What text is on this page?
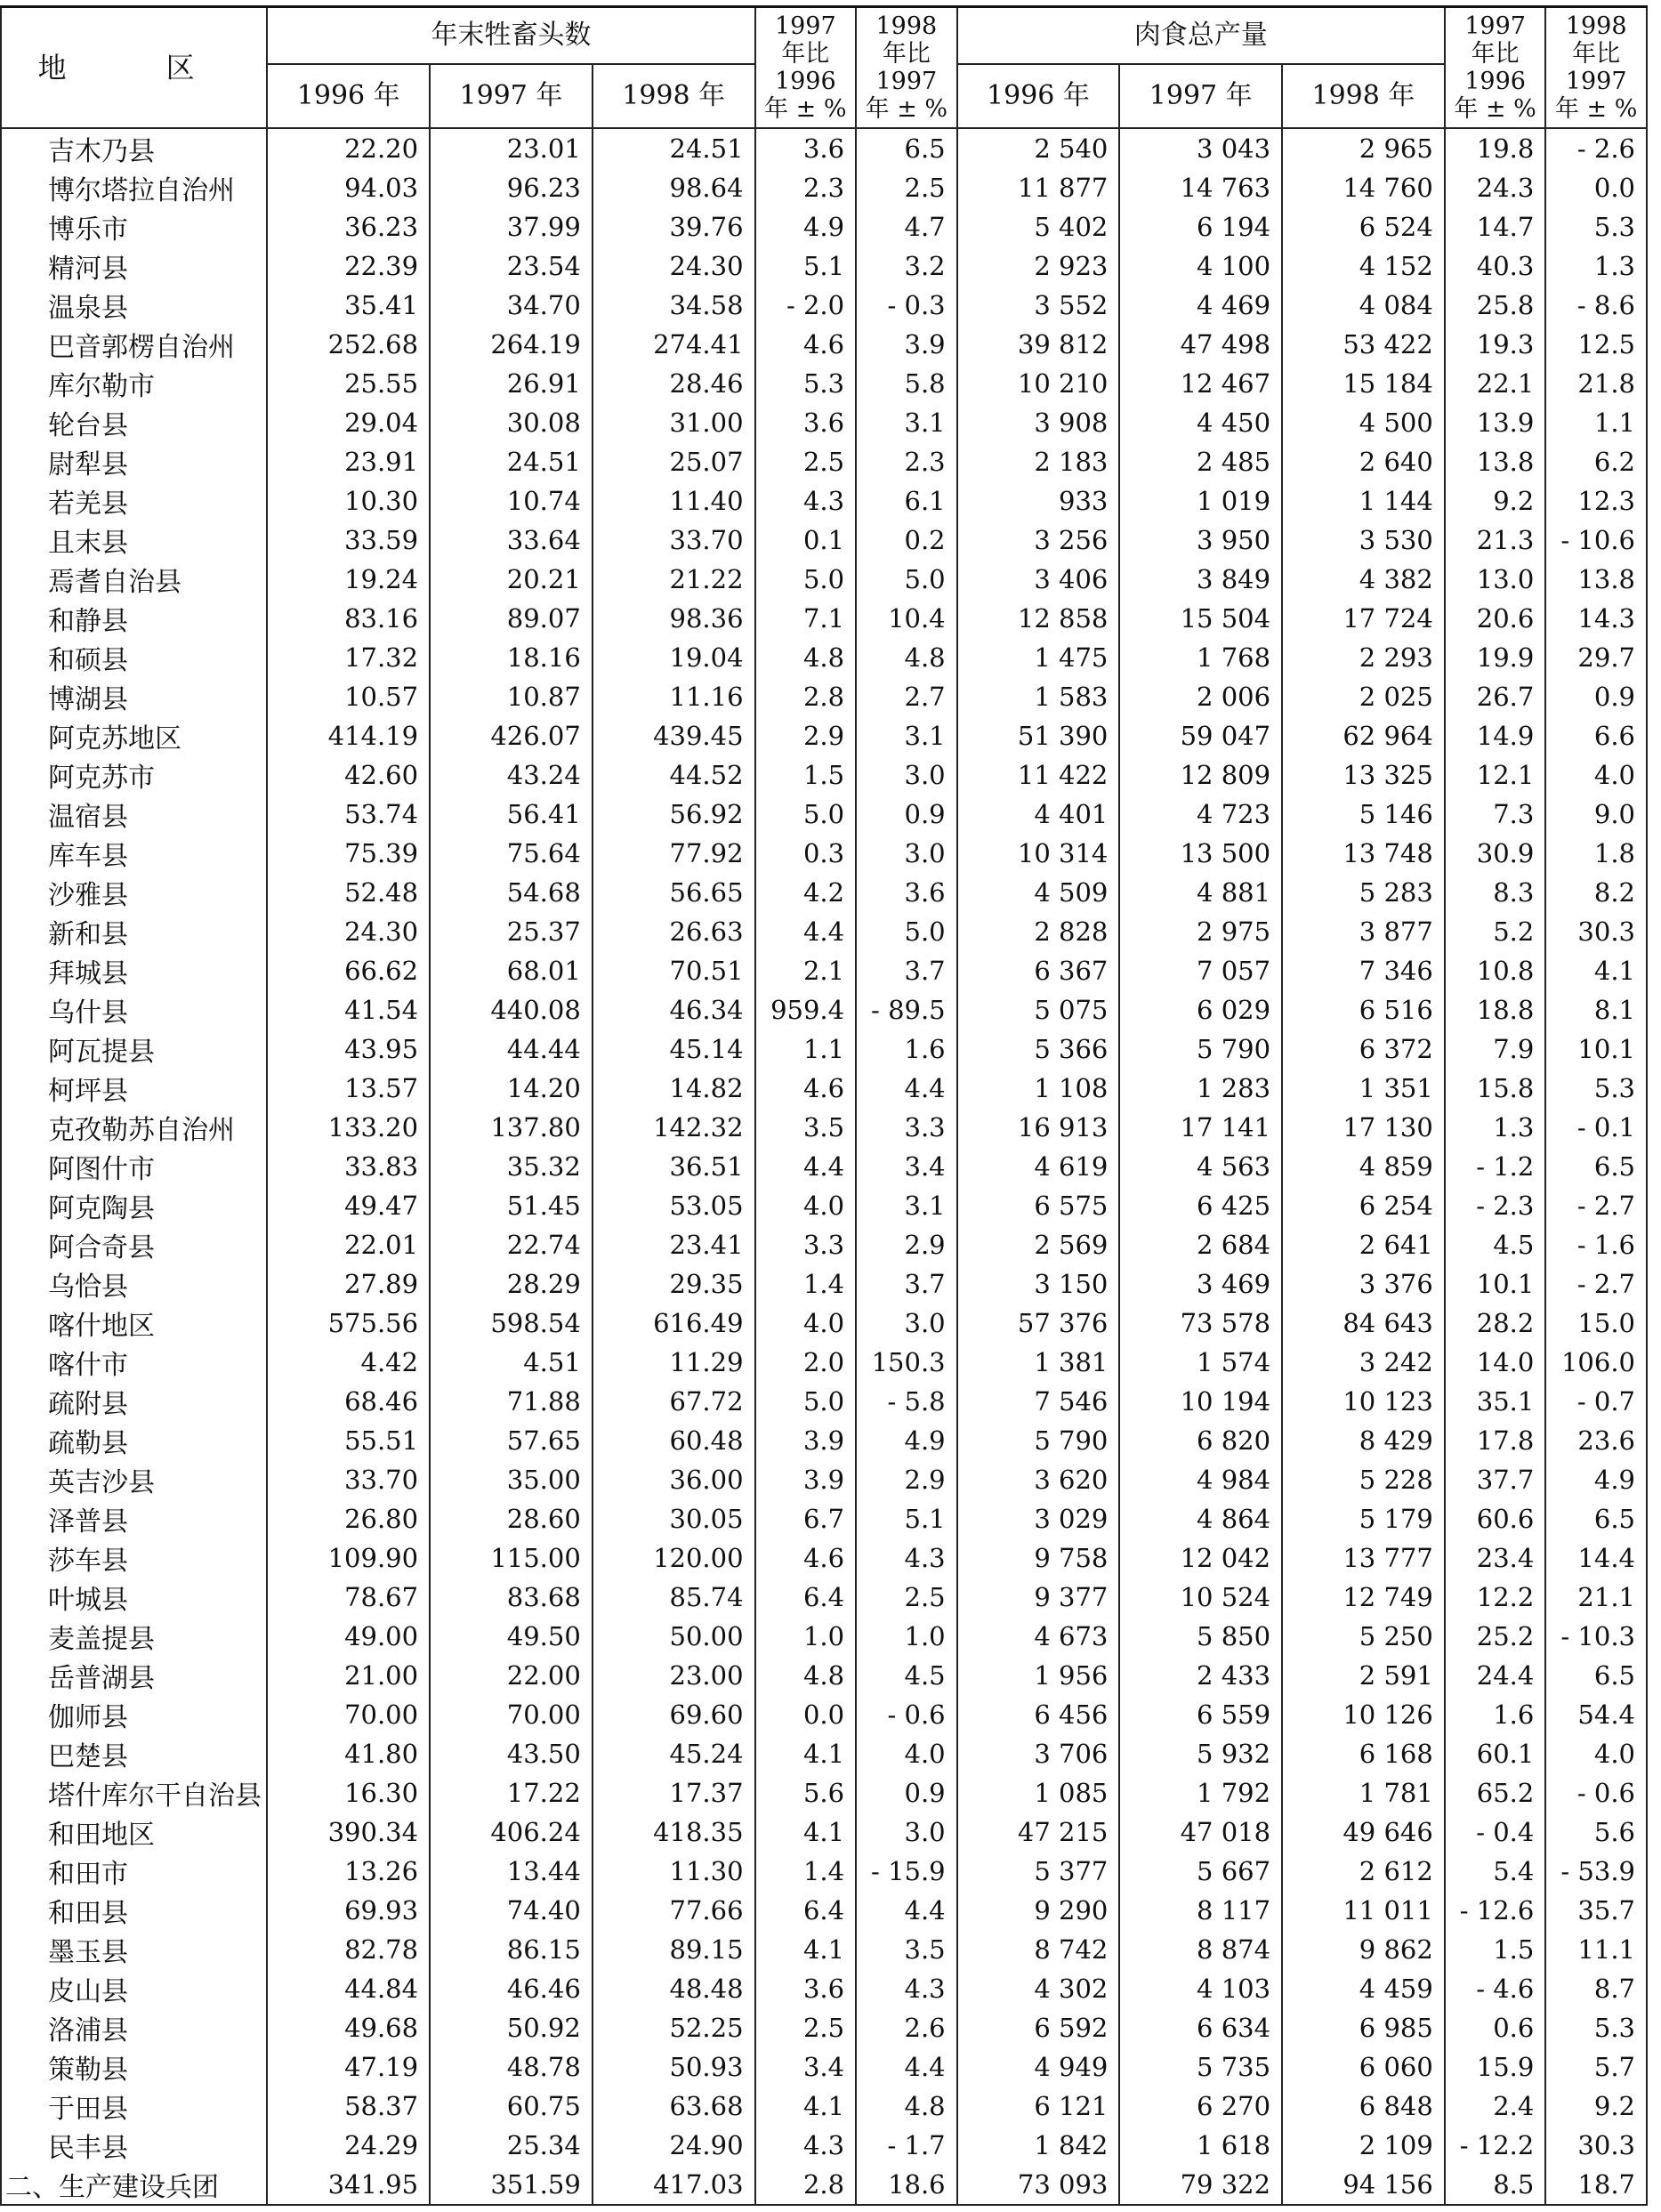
地　区	年末牲畜头数			1997 年比 1996 年 ± %	1998 年比 1997 年 ± %	肉食总产量			1997 年比 1996 年 ± %	1998 年比 1997 年 ± %
	1996 年	1997 年	1998 年			1996 年	1997 年	1998 年		
吉木乃县	22.20	23.01	24.51	3.6	6.5	2 540	3 043	2 965	19.8	- 2.6
博尔塔拉自治州	94.03	96.23	98.64	2.3	2.5	11 877	14 763	14 760	24.3	0.0
博乐市	36.23	37.99	39.76	4.9	4.7	5 402	6 194	6 524	14.7	5.3
精河县	22.39	23.54	24.30	5.1	3.2	2 923	4 100	4 152	40.3	1.3
温泉县	35.41	34.70	34.58	- 2.0	- 0.3	3 552	4 469	4 084	25.8	- 8.6
巴音郭楞自治州	252.68	264.19	274.41	4.6	3.9	39 812	47 498	53 422	19.3	12.5
库尔勒市	25.55	26.91	28.46	5.3	5.8	10 210	12 467	15 184	22.1	21.8
轮台县	29.04	30.08	31.00	3.6	3.1	3 908	4 450	4 500	13.9	1.1
尉犁县	23.91	24.51	25.07	2.5	2.3	2 183	2 485	2 640	13.8	6.2
若羌县	10.30	10.74	11.40	4.3	6.1	933	1 019	1 144	9.2	12.3
且末县	33.59	33.64	33.70	0.1	0.2	3 256	3 950	3 530	21.3	- 10.6
焉耆自治县	19.24	20.21	21.22	5.0	5.0	3 406	3 849	4 382	13.0	13.8
和静县	83.16	89.07	98.36	7.1	10.4	12 858	15 504	17 724	20.6	14.3
和硕县	17.32	18.16	19.04	4.8	4.8	1 475	1 768	2 293	19.9	29.7
博湖县	10.57	10.87	11.16	2.8	2.7	1 583	2 006	2 025	26.7	0.9
阿克苏地区	414.19	426.07	439.45	2.9	3.1	51 390	59 047	62 964	14.9	6.6
阿克苏市	42.60	43.24	44.52	1.5	3.0	11 422	12 809	13 325	12.1	4.0
温宿县	53.74	56.41	56.92	5.0	0.9	4 401	4 723	5 146	7.3	9.0
库车县	75.39	75.64	77.92	0.3	3.0	10 314	13 500	13 748	30.9	1.8
沙雅县	52.48	54.68	56.65	4.2	3.6	4 509	4 881	5 283	8.3	8.2
新和县	24.30	25.37	26.63	4.4	5.0	2 828	2 975	3 877	5.2	30.3
拜城县	66.62	68.01	70.51	2.1	3.7	6 367	7 057	7 346	10.8	4.1
乌什县	41.54	440.08	46.34	959.4	- 89.5	5 075	6 029	6 516	18.8	8.1
阿瓦提县	43.95	44.44	45.14	1.1	1.6	5 366	5 790	6 372	7.9	10.1
柯坪县	13.57	14.20	14.82	4.6	4.4	1 108	1 283	1 351	15.8	5.3
克孜勒苏自治州	133.20	137.80	142.32	3.5	3.3	16 913	17 141	17 130	1.3	- 0.1
阿图什市	33.83	35.32	36.51	4.4	3.4	4 619	4 563	4 859	- 1.2	6.5
阿克陶县	49.47	51.45	53.05	4.0	3.1	6 575	6 425	6 254	- 2.3	- 2.7
阿合奇县	22.01	22.74	23.41	3.3	2.9	2 569	2 684	2 641	4.5	- 1.6
乌恰县	27.89	28.29	29.35	1.4	3.7	3 150	3 469	3 376	10.1	- 2.7
喀什地区	575.56	598.54	616.49	4.0	3.0	57 376	73 578	84 643	28.2	15.0
喀什市	4.42	4.51	11.29	2.0	150.3	1 381	1 574	3 242	14.0	106.0
疏附县	68.46	71.88	67.72	5.0	- 5.8	7 546	10 194	10 123	35.1	- 0.7
疏勒县	55.51	57.65	60.48	3.9	4.9	5 790	6 820	8 429	17.8	23.6
英吉沙县	33.70	35.00	36.00	3.9	2.9	3 620	4 984	5 228	37.7	4.9
泽普县	26.80	28.60	30.05	6.7	5.1	3 029	4 864	5 179	60.6	6.5
莎车县	109.90	115.00	120.00	4.6	4.3	9 758	12 042	13 777	23.4	14.4
叶城县	78.67	83.68	85.74	6.4	2.5	9 377	10 524	12 749	12.2	21.1
麦盖提县	49.00	49.50	50.00	1.0	1.0	4 673	5 850	5 250	25.2	- 10.3
岳普湖县	21.00	22.00	23.00	4.8	4.5	1 956	2 433	2 591	24.4	6.5
伽师县	70.00	70.00	69.60	0.0	- 0.6	6 456	6 559	10 126	1.6	54.4
巴楚县	41.80	43.50	45.24	4.1	4.0	3 706	5 932	6 168	60.1	4.0
塔什库尔干自治县	16.30	17.22	17.37	5.6	0.9	1 085	1 792	1 781	65.2	- 0.6
和田地区	390.34	406.24	418.35	4.1	3.0	47 215	47 018	49 646	- 0.4	5.6
和田市	13.26	13.44	11.30	1.4	- 15.9	5 377	5 667	2 612	5.4	- 53.9
和田县	69.93	74.40	77.66	6.4	4.4	9 290	8 117	11 011	- 12.6	35.7
墨玉县	82.78	86.15	89.15	4.1	3.5	8 742	8 874	9 862	1.5	11.1
皮山县	44.84	46.46	48.48	3.6	4.3	4 302	4 103	4 459	- 4.6	8.7
洛浦县	49.68	50.92	52.25	2.5	2.6	6 592	6 634	6 985	0.6	5.3
策勒县	47.19	48.78	50.93	3.4	4.4	4 949	5 735	6 060	15.9	5.7
于田县	58.37	60.75	63.68	4.1	4.8	6 121	6 270	6 848	2.4	9.2
民丰县	24.29	25.34	24.90	4.3	- 1.7	1 842	1 618	2 109	- 12.2	30.3
二、生产建设兵团	341.95	351.59	417.03	2.8	18.6	73 093	79 322	94 156	8.5	18.7
